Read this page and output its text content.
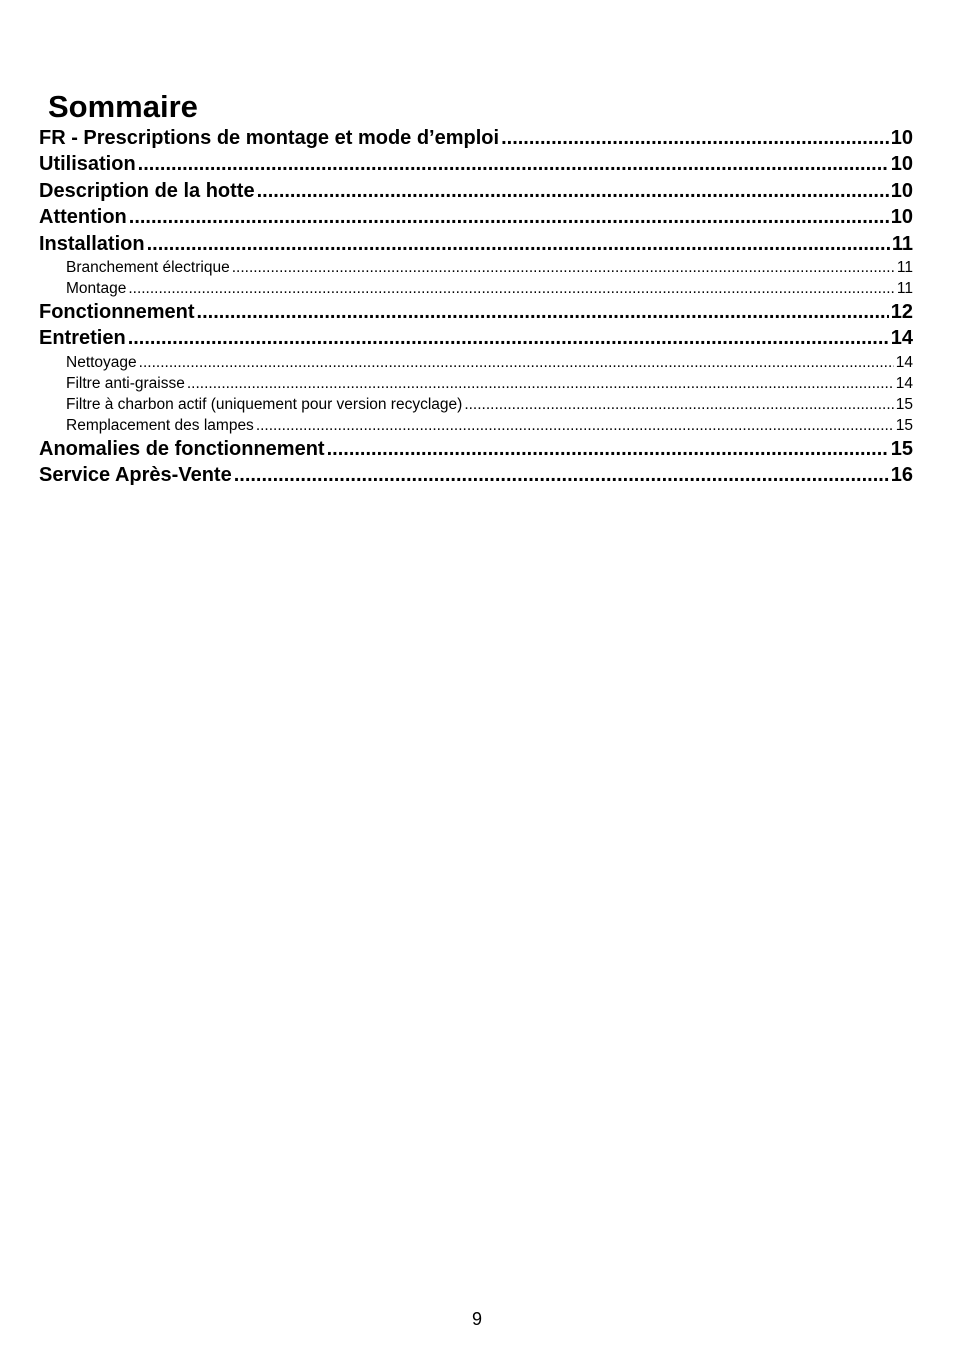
Sommaire
FR - Prescriptions de montage et mode d’emploi .....	10
Utilisation .....	10
Description de la hotte .....	10
Attention .....	10
Installation .....	11
Branchement électrique .....	11
Montage .....	11
Fonctionnement .....	12
Entretien .....	14
Nettoyage .....	14
Filtre anti-graisse .....	14
Filtre à charbon actif (uniquement pour version recyclage) .....	15
Remplacement des lampes .....	15
Anomalies de fonctionnement .....	15
Service Après-Vente .....	16
9
